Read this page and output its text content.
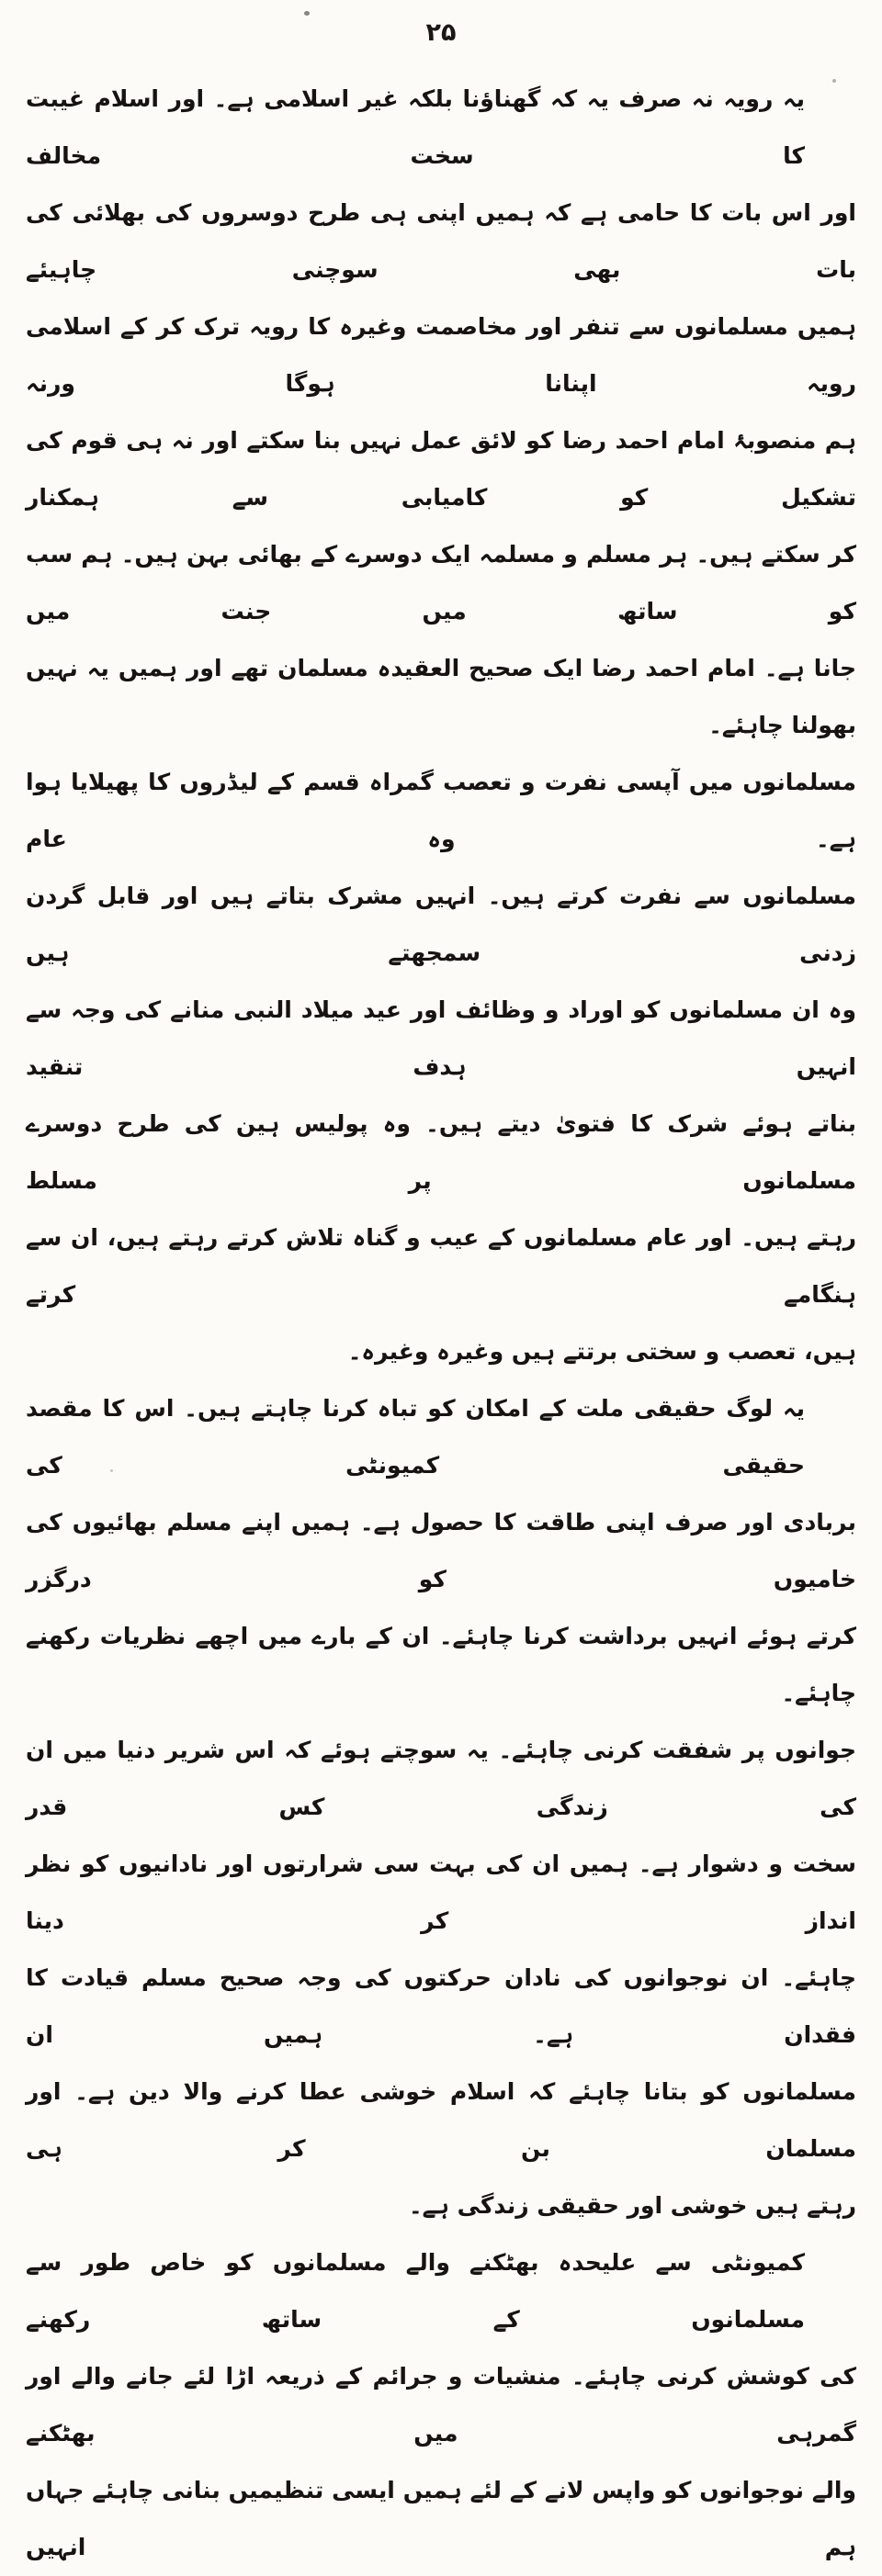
۲۵

یہ رویہ نہ صرف یہ کہ گھناؤنا بلکہ غیر اسلامی ہے۔ اور اسلام غیبت کا سخت مخالف
اور اس بات کا حامی ہے کہ ہمیں اپنی ہی طرح دوسروں کی بھلائی کی بات بھی سوچنی چاہیئے
ہمیں مسلمانوں سے تنفر اور مخاصمت وغیرہ کا رویہ ترک کر کے اسلامی رویہ اپنانا ہوگا ورنہ
ہم منصوبۂ امام احمد رضا کو لائق عمل نہیں بنا سکتے اور نہ ہی قوم کی تشکیل کو کامیابی سے ہمکنار
کر سکتے ہیں۔ ہر مسلم و مسلمہ ایک دوسرے کے بھائی بہن ہیں۔ ہم سب کو ساتھ میں جنت میں
جانا ہے۔ امام احمد رضا ایک صحیح العقیدہ مسلمان تھے اور ہمیں یہ نہیں بھولنا چاہئے۔

مسلمانوں میں آپسی نفرت و تعصب گمراہ قسم کے لیڈروں کا پھیلایا ہوا ہے۔ وہ عام
مسلمانوں سے نفرت کرتے ہیں۔ انہیں مشرک بتاتے ہیں اور قابل گردن زدنی سمجھتے ہیں
وہ ان مسلمانوں کو اوراد و وظائف اور عید میلاد النبی منانے کی وجہ سے انہیں ہدف تنقید
بناتے ہوئے شرک کا فتویٰ دیتے ہیں۔ وہ پولیس ہین کی طرح دوسرے مسلمانوں پر مسلط
رہتے ہیں۔ اور عام مسلمانوں کے عیب و گناہ تلاش کرتے رہتے ہیں، ان سے ہنگامے کرتے
ہیں، تعصب و سختی برتتے ہیں وغیرہ وغیرہ۔

یہ لوگ حقیقی ملت کے امکان کو تباہ کرنا چاہتے ہیں۔ اس کا مقصد حقیقی کمیونٹی کی
بربادی اور صرف اپنی طاقت کا حصول ہے۔ ہمیں اپنے مسلم بھائیوں کی خامیوں کو درگزر
کرتے ہوئے انہیں برداشت کرنا چاہئے۔ ان کے بارے میں اچھے نظریات رکھنے چاہئے۔
جوانوں پر شفقت کرنی چاہئے۔ یہ سوچتے ہوئے کہ اس شریر دنیا میں ان کی زندگی کس قدر
سخت و دشوار ہے۔ ہمیں ان کی بہت سی شرارتوں اور نادانیوں کو نظر انداز کر دینا
چاہئے۔ ان نوجوانوں کی نادان حرکتوں کی وجہ صحیح مسلم قیادت کا فقدان ہے۔ ہمیں ان
مسلمانوں کو بتانا چاہئے کہ اسلام خوشی عطا کرنے والا دین ہے۔ اور مسلمان بن کر ہی
رہتے ہیں خوشی اور حقیقی زندگی ہے۔

کمیونٹی سے علیحدہ بھٹکنے والے مسلمانوں کو خاص طور سے مسلمانوں کے ساتھ رکھنے
کی کوشش کرنی چاہئے۔ منشیات و جرائم کے ذریعہ اڑا لئے جانے والے اور گمرہی میں بھٹکنے
والے نوجوانوں کو واپس لانے کے لئے ہمیں ایسی تنظیمیں بنانی چاہئے جہاں ہم انہیں
